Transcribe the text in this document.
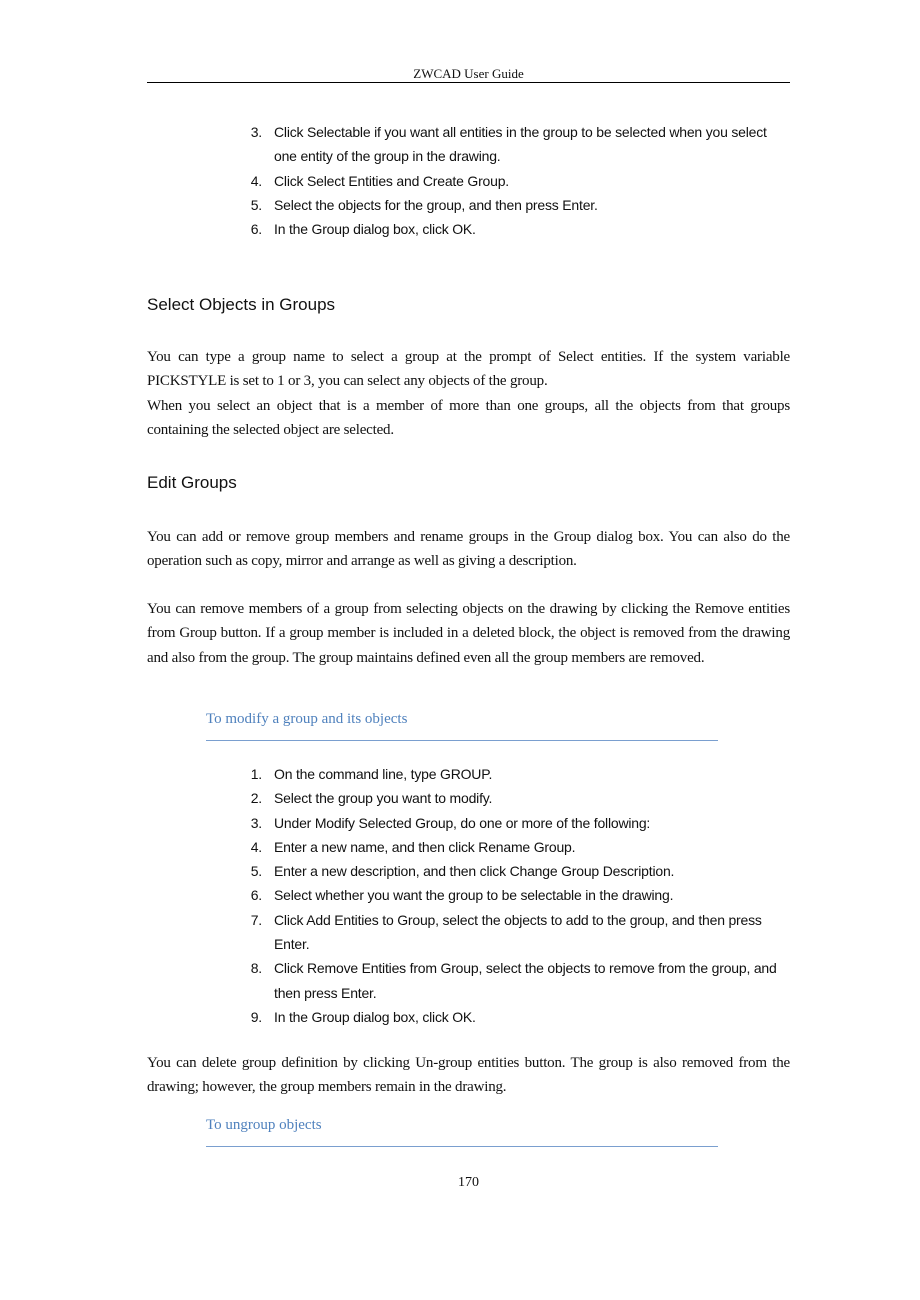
ZWCAD User Guide
3. Click Selectable if you want all entities in the group to be selected when you select one entity of the group in the drawing.
4. Click Select Entities and Create Group.
5. Select the objects for the group, and then press Enter.
6. In the Group dialog box, click OK.
Select Objects in Groups
You can type a group name to select a group at the prompt of Select entities. If the system variable PICKSTYLE is set to 1 or 3, you can select any objects of the group.
When you select an object that is a member of more than one groups, all the objects from that groups containing the selected object are selected.
Edit Groups
You can add or remove group members and rename groups in the Group dialog box. You can also do the operation such as copy, mirror and arrange as well as giving a description.
You can remove members of a group from selecting objects on the drawing by clicking the Remove entities from Group button. If a group member is included in a deleted block, the object is removed from the drawing and also from the group. The group maintains defined even all the group members are removed.
To modify a group and its objects
1. On the command line, type GROUP.
2. Select the group you want to modify.
3. Under Modify Selected Group, do one or more of the following:
4. Enter a new name, and then click Rename Group.
5. Enter a new description, and then click Change Group Description.
6. Select whether you want the group to be selectable in the drawing.
7. Click Add Entities to Group, select the objects to add to the group, and then press Enter.
8. Click Remove Entities from Group, select the objects to remove from the group, and then press Enter.
9. In the Group dialog box, click OK.
You can delete group definition by clicking Un-group entities button. The group is also removed from the drawing; however, the group members remain in the drawing.
To ungroup objects
170
